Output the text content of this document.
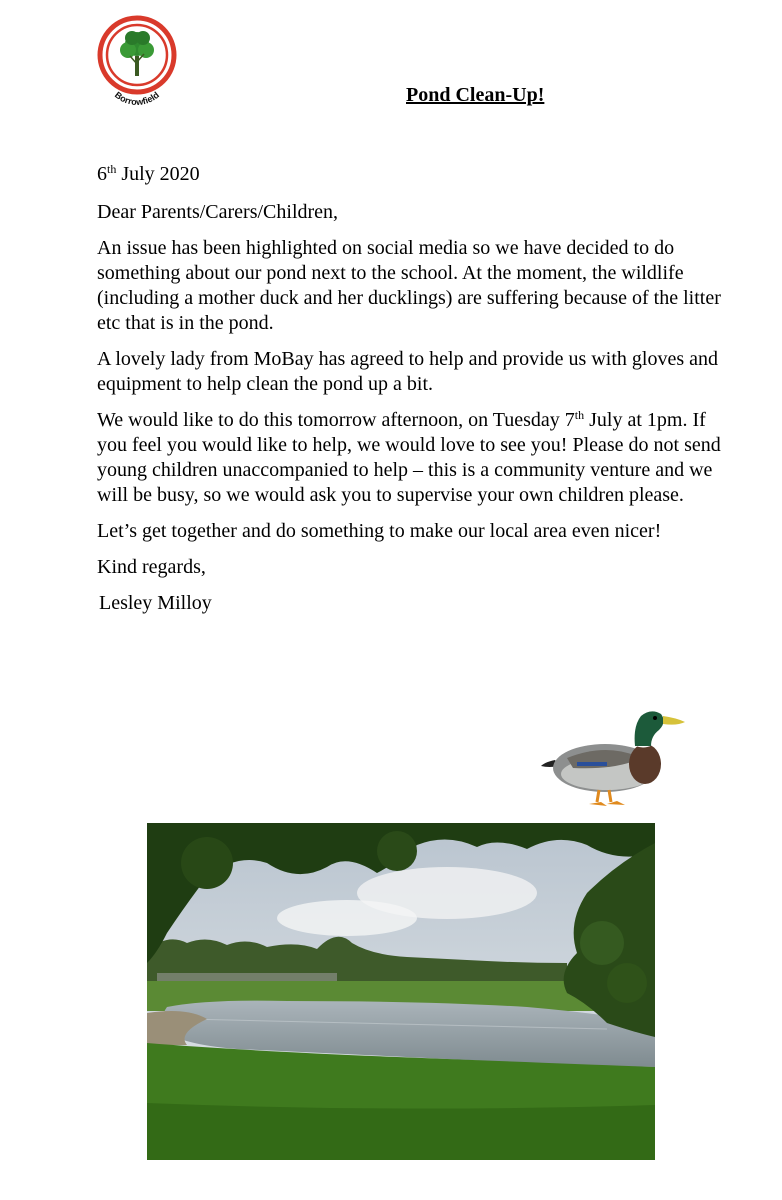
Borrowfield	Pond Clean-Up!

6th July 2020

Dear Parents/Carers/Children,

An issue has been highlighted on social media so we have decided to do something about our pond next to the school. At the moment, the wildlife (including a mother duck and her ducklings) are suffering because of the litter etc that is in the pond.

A lovely lady from MoBay has agreed to help and provide us with gloves and equipment to help clean the pond up a bit.

We would like to do this tomorrow afternoon, on Tuesday 7th July at 1pm. If you feel you would like to help, we would love to see you! Please do not send young children unaccompanied to help – this is a community venture and we will be busy, so we would ask you to supervise your own children please.

Let’s get together and do something to make our local area even nicer!

Kind regards,

Lesley Milloy
